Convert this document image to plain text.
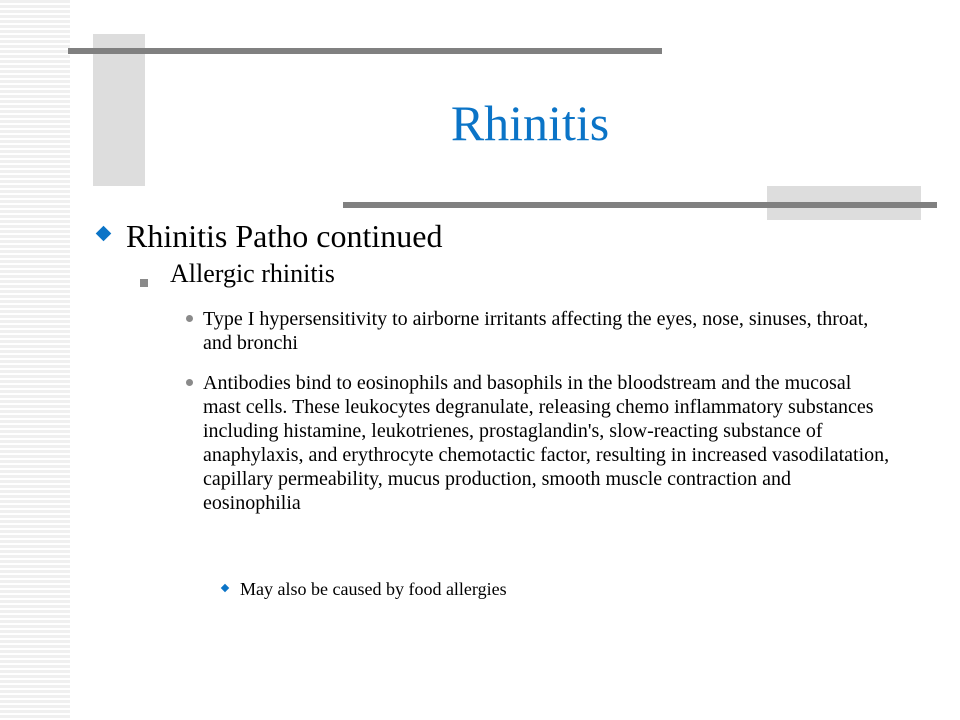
Rhinitis
Rhinitis Patho continued
Allergic rhinitis
Type I hypersensitivity to airborne irritants affecting the eyes, nose, sinuses, throat, and bronchi
Antibodies bind to eosinophils and basophils in the bloodstream and the mucosal mast cells. These leukocytes degranulate, releasing chemo inflammatory substances including histamine, leukotrienes, prostaglandin's, slow-reacting substance of anaphylaxis, and erythrocyte chemotactic factor, resulting in increased vasodilatation, capillary permeability, mucus production, smooth muscle contraction and eosinophilia
May also be caused by food allergies
